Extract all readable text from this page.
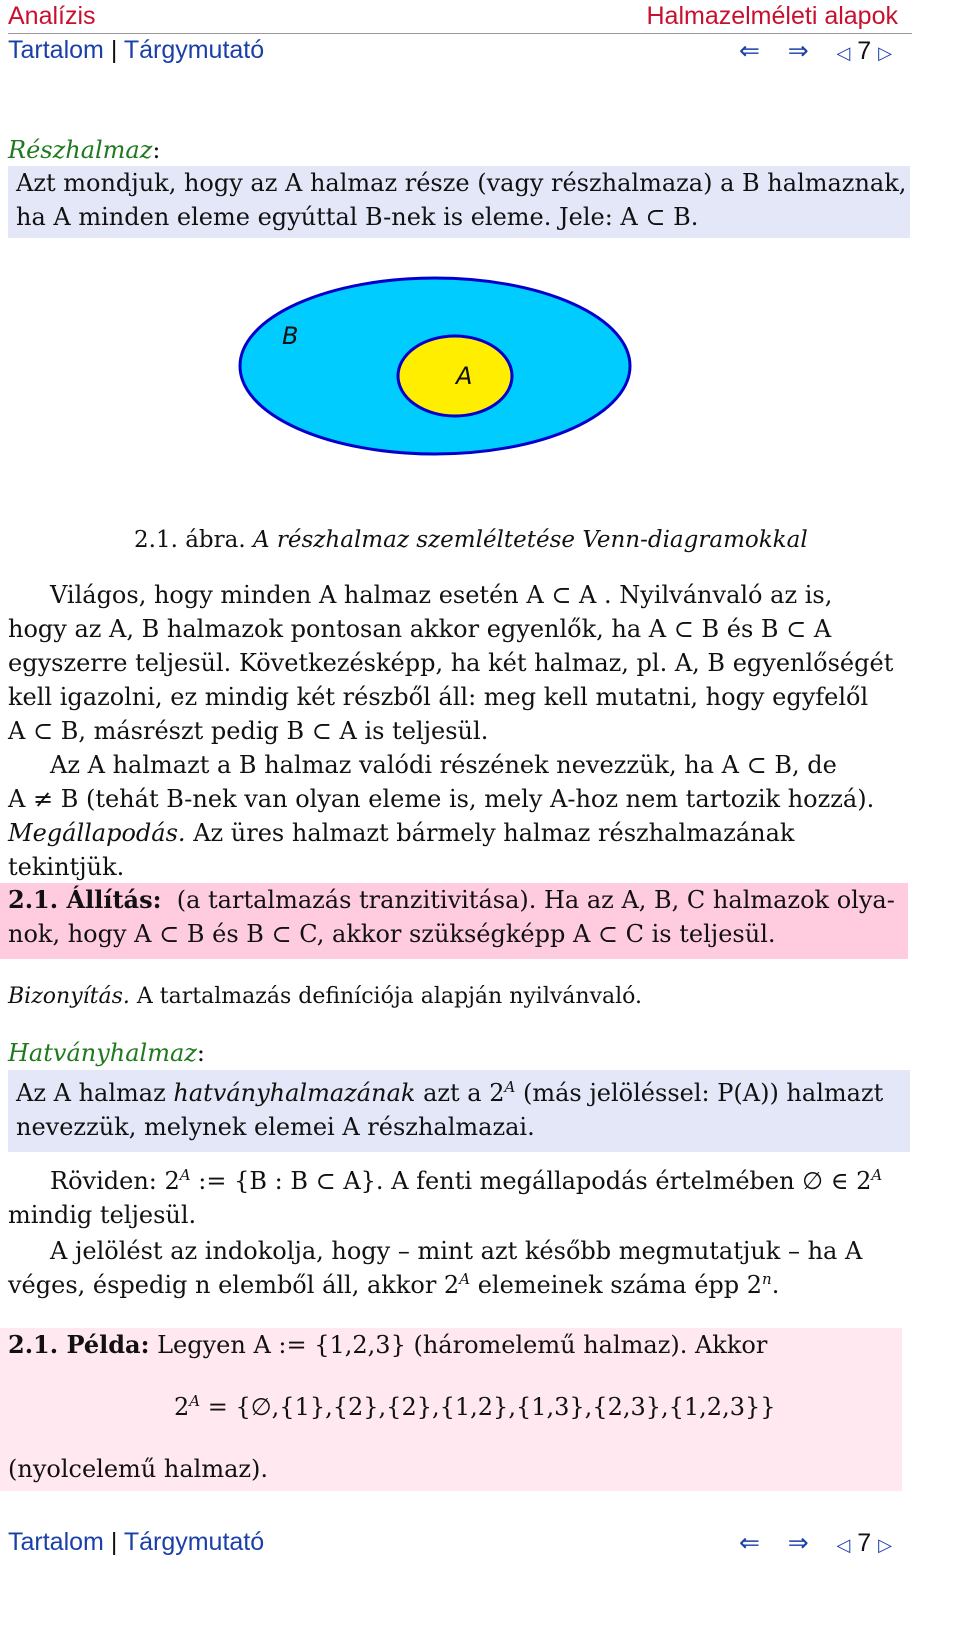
Analízis	Halmazelméleti alapok
Tartalom | Tárgymutató	⇐ ⇒ ◁ 7 ▷
Részhalmaz:
Azt mondjuk, hogy az A halmaz része (vagy részhalmaza) a B halmaznak,
ha A minden eleme egyúttal B-nek is eleme. Jele: A ⊂ B.
B
A
2.1. ábra. A részhalmaz szemléltetése Venn-diagramokkal
Világos, hogy minden A halmaz esetén A ⊂ A . Nyilvánvaló az is,
hogy az A, B halmazok pontosan akkor egyenlők, ha A ⊂ B és B ⊂ A
egyszerre teljesül. Következésképp, ha két halmaz, pl. A, B egyenlőségét
kell igazolni, ez mindig két részből áll: meg kell mutatni, hogy egyfelől
A ⊂ B, másrészt pedig B ⊂ A is teljesül.
Az A halmazt a B halmaz valódi részének nevezzük, ha A ⊂ B, de
A ≠ B (tehát B-nek van olyan eleme is, mely A-hoz nem tartozik hozzá).
Megállapodás. Az üres halmazt bármely halmaz részhalmazának tekintjük.
2.1. Állítás: (a tartalmazás tranzitivitása). Ha az A, B, C halmazok olya-
nok, hogy A ⊂ B és B ⊂ C, akkor szükségképp A ⊂ C is teljesül.
Bizonyítás. A tartalmazás definíciója alapján nyilvánvaló.
Hatványhalmaz:
Az A halmaz hatványhalmazának azt a $2^A$ (más jelöléssel: P(A)) halmazt
nevezzük, melynek elemei A részhalmazai.
Röviden: $2^A$ := {B : B ⊂ A}. A fenti megállapodás értelmében ∅ ∈ $2^A$
mindig teljesül.
A jelölést az indokolja, hogy – mint azt később megmutatjuk – ha A
véges, éspedig n elemből áll, akkor $2^A$ elemeinek száma épp 2$^n$.
2.1. Példa: Legyen A := {1,2,3} (háromelemű halmaz). Akkor
$2^A$ = {∅,{1},{2},{2},{1,2},{1,3},{2,3},{1,2,3}}
(nyolcelemű halmaz).
Tartalom | Tárgymutató	⇐ ⇒ ◁ 7 ▷
